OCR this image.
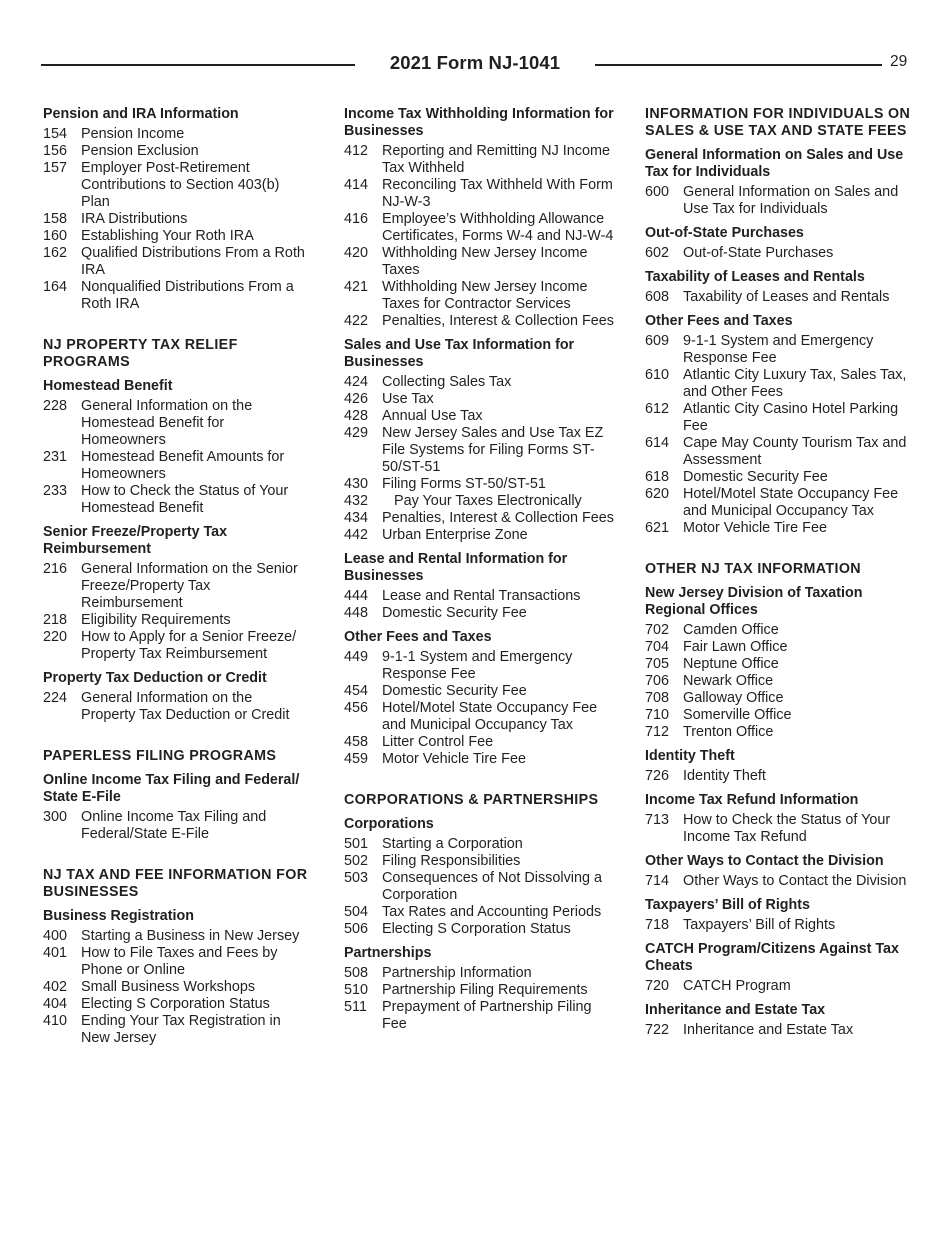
2021 Form NJ-1041	29
Pension and IRA Information
154 Pension Income
156 Pension Exclusion
157 Employer Post-Retirement Contributions to Section 403(b) Plan
158 IRA Distributions
160 Establishing Your Roth IRA
162 Qualified Distributions From a Roth IRA
164 Nonqualified Distributions From a Roth IRA
NJ PROPERTY TAX RELIEF PROGRAMS
Homestead Benefit
228 General Information on the Homestead Benefit for Homeowners
231 Homestead Benefit Amounts for Homeowners
233 How to Check the Status of Your Homestead Benefit
Senior Freeze/Property Tax Reimbursement
216 General Information on the Senior Freeze/Property Tax Reimbursement
218 Eligibility Requirements
220 How to Apply for a Senior Freeze/ Property Tax Reimbursement
Property Tax Deduction or Credit
224 General Information on the Property Tax Deduction or Credit
PAPERLESS FILING PROGRAMS
Online Income Tax Filing and Federal/ State E-File
300 Online Income Tax Filing and Federal/State E-File
NJ TAX AND FEE INFORMATION FOR BUSINESSES
Business Registration
400 Starting a Business in New Jersey
401 How to File Taxes and Fees by Phone or Online
402 Small Business Workshops
404 Electing S Corporation Status
410 Ending Your Tax Registration in New Jersey
Income Tax Withholding Information for Businesses
412 Reporting and Remitting NJ Income Tax Withheld
414 Reconciling Tax Withheld With Form NJ-W-3
416 Employee’s Withholding Allowance Certificates, Forms W-4 and NJ-W-4
420 Withholding New Jersey Income Taxes
421 Withholding New Jersey Income Taxes for Contractor Services
422 Penalties, Interest & Collection Fees
Sales and Use Tax Information for Businesses
424 Collecting Sales Tax
426 Use Tax
428 Annual Use Tax
429 New Jersey Sales and Use Tax EZ File Systems for Filing Forms ST-50/ST-51
430 Filing Forms ST-50/ST-51
432 Pay Your Taxes Electronically
434 Penalties, Interest & Collection Fees
442 Urban Enterprise Zone
Lease and Rental Information for Businesses
444 Lease and Rental Transactions
448 Domestic Security Fee
Other Fees and Taxes
449 9-1-1 System and Emergency Response Fee
454 Domestic Security Fee
456 Hotel/Motel State Occupancy Fee and Municipal Occupancy Tax
458 Litter Control Fee
459 Motor Vehicle Tire Fee
CORPORATIONS & PARTNERSHIPS
Corporations
501 Starting a Corporation
502 Filing Responsibilities
503 Consequences of Not Dissolving a Corporation
504 Tax Rates and Accounting Periods
506 Electing S Corporation Status
Partnerships
508 Partnership Information
510 Partnership Filing Requirements
511	Prepayment of Partnership Filing Fee
INFORMATION FOR INDIVIDUALS ON SALES & USE TAX AND STATE FEES
General Information on Sales and Use Tax for Individuals
600 General Information on Sales and Use Tax for Individuals
Out-of-State Purchases
602 Out-of-State Purchases
Taxability of Leases and Rentals
608 Taxability of Leases and Rentals
Other Fees and Taxes
609 9-1-1 System and Emergency Response Fee
610 Atlantic City Luxury Tax, Sales Tax, and Other Fees
612 Atlantic City Casino Hotel Parking Fee
614 Cape May County Tourism Tax and Assessment
618 Domestic Security Fee
620 Hotel/Motel State Occupancy Fee and Municipal Occupancy Tax
621 Motor Vehicle Tire Fee
OTHER NJ TAX INFORMATION
New Jersey Division of Taxation Regional Offices
702 Camden Office
704 Fair Lawn Office
705 Neptune Office
706 Newark Office
708 Galloway Office
710 Somerville Office
712 Trenton Office
Identity Theft
726 Identity Theft
Income Tax Refund Information
713 How to Check the Status of Your Income Tax Refund
Other Ways to Contact the Division
714 Other Ways to Contact the Division
Taxpayers’ Bill of Rights
718 Taxpayers’ Bill of Rights
CATCH Program/Citizens Against Tax Cheats
720 CATCH Program
Inheritance and Estate Tax
722 Inheritance and Estate Tax
